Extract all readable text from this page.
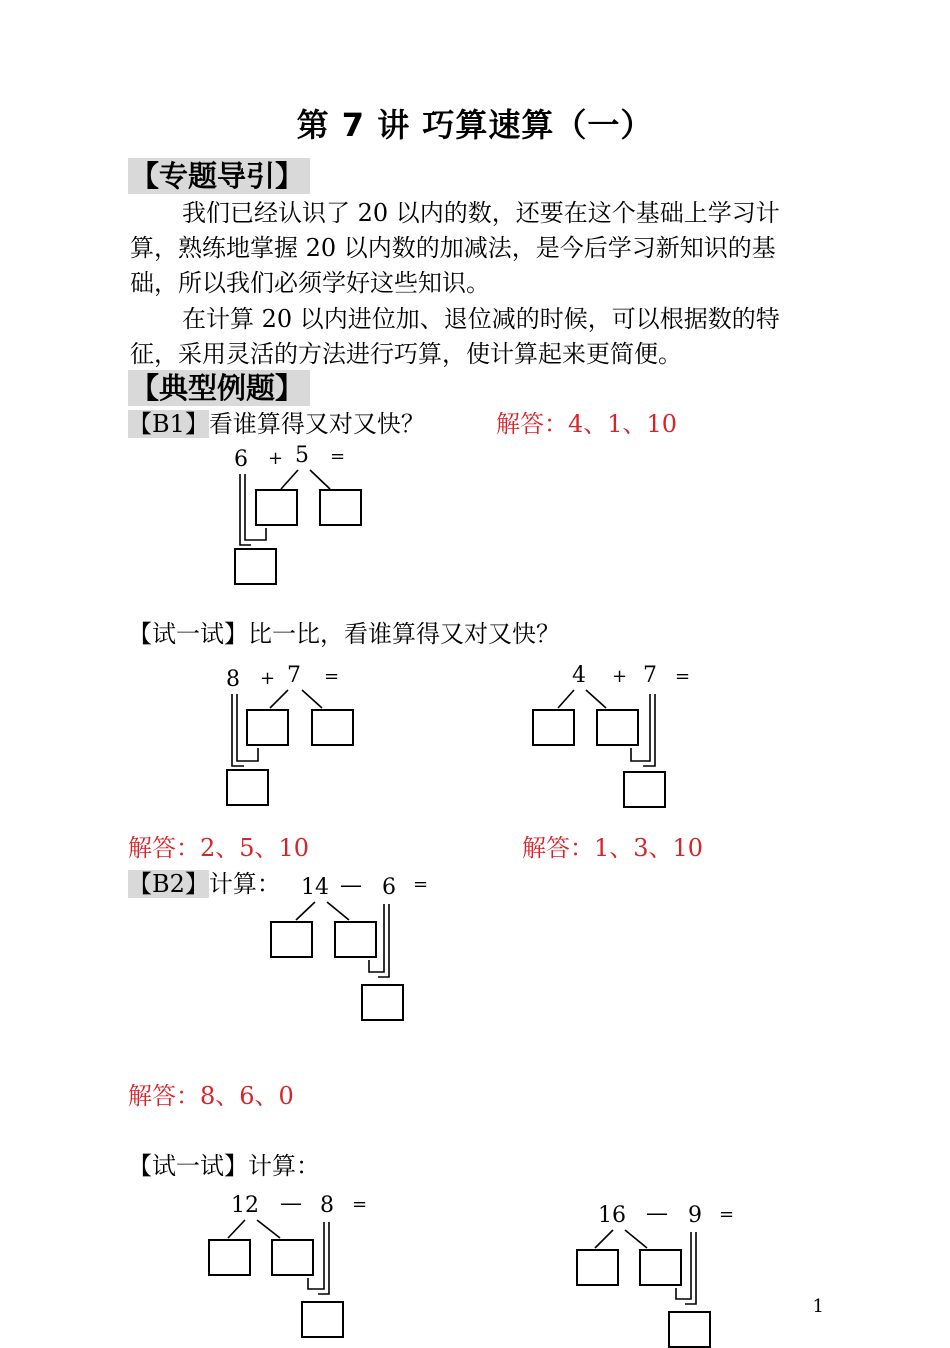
第 7 讲 巧算速算（一）
【专题导引】
我们已经认识了 20 以内的数，还要在这个基础上学习计算，熟练地掌握 20 以内数的加减法，是今后学习新知识的基础，所以我们必须学好这些知识。
在计算 20 以内进位加、退位减的时候，可以根据数的特征，采用灵活的方法进行巧算，使计算起来更简便。
【典型例题】
【B1】看谁算得又对又快？	解答：4、1、10
6 + 5 =
【试一试】比一比，看谁算得又对又快？
8 + 7 =	4 + 7 =
解答：2、5、10	解答：1、3、10
【B2】计算： 14 — 6 =
解答：8、6、0
【试一试】计算：
12 — 8 =	16 — 9 =
1
